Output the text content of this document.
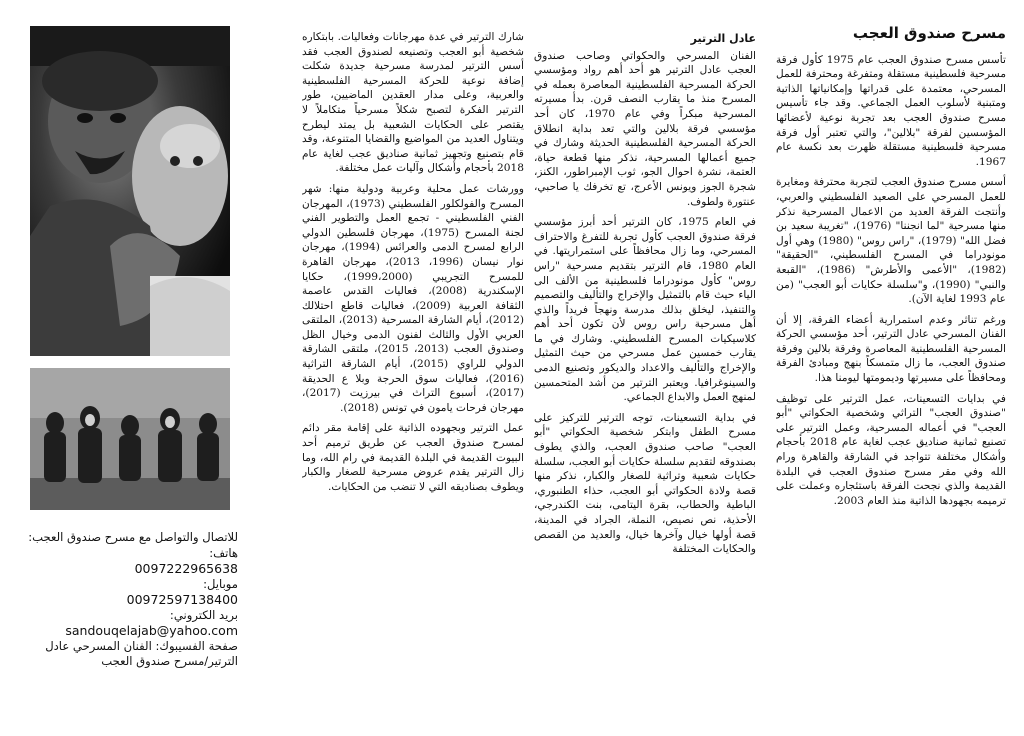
مسرح صندوق العجب

تأسس مسرح صندوق العجب عام 1975 كأول فرقة مسرحية فلسطينية مستقلة ومتفرغة ومحترفة للعمل المسرحي، معتمدة على قدراتها وإمكانياتها الذاتية ومتبنية لأسلوب العمل الجماعي. وقد جاء تأسيس مسرح صندوق العجب بعد تجربة نوعية لأعضائها المؤسسين لفرقة "بلالين"، والتي تعتبر أول فرقة مسرحية فلسطينية مستقلة ظهرت بعد نكسة عام 1967.

أسس مسرح صندوق العجب لتجربة محترفة ومغايرة للعمل المسرحي على الصعيد الفلسطيني والعربي، وأنتجت الفرقة العديد من الاعمال المسرحية نذكر منها مسرحية "لما انجننا" (1976)، "تغريبة سعيد بن فضل الله" (1979)، "راس روس" (1980) وهي أول مونودراما في المسرح الفلسطيني، "الحقيقة" (1982)، "الأعمى والأطرش" (1986)، "القبعة والنبي" (1990)، و"سلسلة حكايات أبو العجب" (من عام 1993 لغاية الآن).

ورغم تناثر وعدم استمرارية أعضاء الفرقة، إلا أن الفنان المسرحي عادل الترتير، أحد مؤسسي الحركة المسرحية الفلسطينية المعاصرة وفرقة بلالين وفرقة صندوق العجب، ما زال متمسكاً بنهج ومبادئ الفرقة ومحافظاً على مسيرتها وديمومتها ليومنا هذا.

في بدايات التسعينات، عمل الترتير على توظيف "صندوق العجب" التراثي وشخصية الحكواتي "أبو العجب" في أعماله المسرحية، وعمل الترتير على تصنيع ثمانية صناديق عجب لغاية عام 2018 بأحجام وأشكال مختلفة تتواجد في الشارقة والقاهرة ورام الله وفي مقر مسرح صندوق العجب في البلدة القديمة والذي نجحت الفرقة باستئجاره وعملت على ترميمه بجهودها الذاتية منذ العام 2003.

عادل الترتير

الفنان المسرحي والحكواتي وصاحب صندوق العجب عادل الترتير هو أحد أهم رواد ومؤسسي الحركة المسرحية الفلسطينية المعاصرة بعمله في المسرح منذ ما يقارب النصف قرن. بدأ مسيرته المسرحية مبكراً وفي عام 1970، كان أحد مؤسسي فرقة بلالين والتي تعد بداية انطلاق الحركة المسرحية الفلسطينية الحديثة وشارك في جميع أعمالها المسرحية، نذكر منها قطعة حياة، العتمة، نشرة احوال الجو، ثوب الإمبراطور، الكنز، شجرة الجوز ويونس الأعرج، تع تخرفك يا صاحبي، عنتورة ولطوف.

في العام 1975، كان الترتير أحد أبرز مؤسسي فرقة صندوق العجب كأول تجربة للتفرغ والاحتراف المسرحي، وما زال محافظاً على استمراريتها. في العام 1980، قام الترتير بتقديم مسرحية "راس روس" كأول مونودراما فلسطينية من الألف الى الياء حيث قام بالتمثيل والإخراج والتأليف والتصميم والتنفيذ، ليخلق بذلك مدرسة ونهجاً فريداً والذي أهل مسرحية راس روس لأن تكون أحد أهم كلاسيكيات المسرح الفلسطيني. وشارك في ما يقارب خمسين عمل مسرحي من حيث التمثيل والإخراج والتأليف والاعداد والديكور وتصنيع الدمى والسينوغرافيا. ويعتبر الترتير من أشد المتحمسين لمنهج العمل والابداع الجماعي.

في بداية التسعينات، توجه الترتير للتركيز على مسرح الطفل وابتكر شخصية الحكواتي "أبو العجب" صاحب صندوق العجب، والذي يطوف بصندوقه لتقديم سلسلة حكايات أبو العجب، سلسلة حكايات شعبية وتراثية للصغار والكبار، نذكر منها قصة ولادة الحكواتي أبو العجب، حذاء الطنبوري، الباطية والحطاب، بقرة اليتامى، بنت الكندرجي، الأحذية، نص نصيص، النملة، الجراد في المدينة، قصة أولها خيال وآخرها خيال، والعديد من القصص والحكايات المختلفة

شارك الترتير في عدة مهرجانات وفعاليات. بابتكاره شخصية أبو العجب وتصنيعه لصندوق العجب فقد أسس الترتير لمدرسة مسرحية جديدة شكلت إضافة نوعية للحركة المسرحية الفلسطينية والعربية، وعلى مدار العقدين الماضيين، طور الترتير الفكرة لتصبح شكلاً مسرحياً متكاملاً لا يقتصر على الحكايات الشعبية بل يمتد ليطرح ويتناول العديد من المواضيع والقضايا المتنوعة، وقد قام بتصنيع وتجهيز ثمانية صناديق عجب لغاية عام 2018 بأحجام وأشكال وآليات عمل مختلفة.

وورشات عمل محلية وعربية ودولية منها: شهر المسرح والفولكلور الفلسطيني (1973)، المهرجان الفني الفلسطيني - تجمع العمل والتطوير الفني لجنة المسرح (1975)، مهرجان فلسطين الدولي الرابع لمسرح الدمى والعرائس (1994)، مهرجان نوار نيسان (1996، 2013)، مهرجان القاهرة للمسرح التجريبي (1999،2000)، حكايا الإسكندرية (2008)، فعاليات القدس عاصمة الثقافة العربية (2009)، فعاليات قاطع احتلالك (2012)، أيام الشارقة المسرحية (2013)، الملتقى العربي الأول والثالث لفنون الدمى وخيال الظل وصندوق العجب (2013، 2015)، ملتقى الشارقة الدولي للراوي (2015)، أيام الشارقة التراثية (2016)، فعاليات سوق الحرجة وبلا ع الحديقة (2017)، أسبوع التراث في بيرزيت (2017)، مهرجان فرحات يامون في تونس (2018).

عمل الترتير وبجهوده الذاتية على إقامة مقر دائم لمسرح صندوق العجب عن طريق ترميم أحد البيوت القديمة في البلدة القديمة في رام الله، وما زال الترتير يقدم عروض مسرحية للصغار والكبار ويطوف بصناديقه التي لا تنضب من الحكايات.

للاتصال والتواصل مع مسرح صندوق العجب:
هاتف:
0097222965638
موبايل:
00972597138400
بريد الكتروني:
sandouqelajab@yahoo.com
صفحة الفسيبوك: الفنان المسرحي عادل الترتير/مسرح صندوق العجب
